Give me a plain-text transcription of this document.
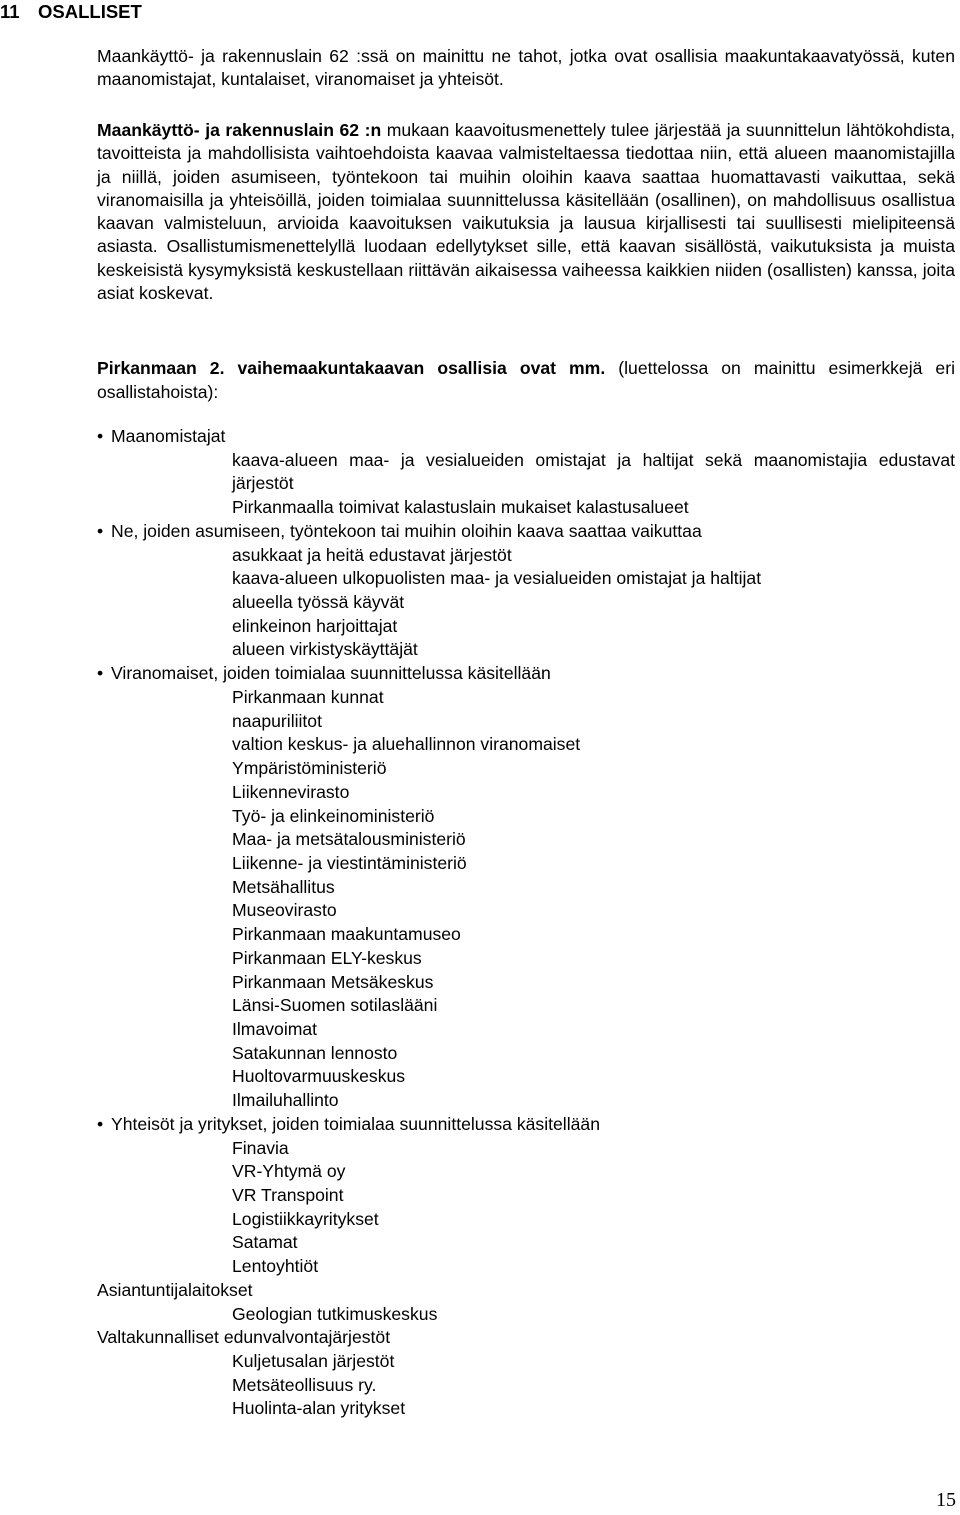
11 OSALLISET

Maankäyttö- ja rakennuslain 62 :ssä on mainittu ne tahot, jotka ovat osallisia maakuntakaavatyössä, kuten maanomistajat, kuntalaiset, viranomaiset ja yhteisöt.

Maankäyttö- ja rakennuslain 62 :n mukaan kaavoitusmenettely tulee järjestää ja suunnittelun lähtökohdista, tavoitteista ja mahdollisista vaihtoehdoista kaavaa valmisteltaessa tiedottaa niin, että alueen maanomistajilla ja niillä, joiden asumiseen, työntekoon tai muihin oloihin kaava saattaa huomattavasti vaikuttaa, sekä viranomaisilla ja yhteisöillä, joiden toimialaa suunnittelussa käsitellään (osallinen), on mahdollisuus osallistua kaavan valmisteluun, arvioida kaavoituksen vaikutuksia ja lausua kirjallisesti tai suullisesti mielipiteensä asiasta. Osallistumismenettelyllä luodaan edellytykset sille, että kaavan sisällöstä, vaikutuksista ja muista keskeisistä kysymyksistä keskustellaan riittävän aikaisessa vaiheessa kaikkien niiden (osallisten) kanssa, joita asiat koskevat.

Pirkanmaan 2. vaihemaakuntakaavan osallisia ovat mm. (luettelossa on mainittu esimerkkejä eri osallistahoista):

• Maanomistajat
kaava-alueen maa- ja vesialueiden omistajat ja haltijat sekä maanomistajia edustavat järjestöt
Pirkanmaalla toimivat kalastuslain mukaiset kalastusalueet
• Ne, joiden asumiseen, työntekoon tai muihin oloihin kaava saattaa vaikuttaa
asukkaat ja heitä edustavat järjestöt
kaava-alueen ulkopuolisten maa- ja vesialueiden omistajat ja haltijat
alueella työssä käyvät
elinkeinon harjoittajat
alueen virkistyskäyttäjät
• Viranomaiset, joiden toimialaa suunnittelussa käsitellään
Pirkanmaan kunnat
naapuriliitot
valtion keskus- ja aluehallinnon viranomaiset
Ympäristöministeriö
Liikennevirasto
Työ- ja elinkeinoministeriö
Maa- ja metsätalousministeriö
Liikenne- ja viestintäministeriö
Metsähallitus
Museovirasto
Pirkanmaan maakuntamuseo
Pirkanmaan ELY-keskus
Pirkanmaan Metsäkeskus
Länsi-Suomen sotilaslääni
Ilmavoimat
Satakunnan lennosto
Huoltovarmuuskeskus
Ilmailuhallinto
• Yhteisöt ja yritykset, joiden toimialaa suunnittelussa käsitellään
Finavia
VR-Yhtymä oy
VR Transpoint
Logistiikkayritykset
Satamat
Lentoyhtiöt
Asiantuntijalaitokset
Geologian tutkimuskeskus
Valtakunnalliset edunvalvontajärjestöt
Kuljetusalan järjestöt
Metsäteollisuus ry.
Huolinta-alan yritykset
15
